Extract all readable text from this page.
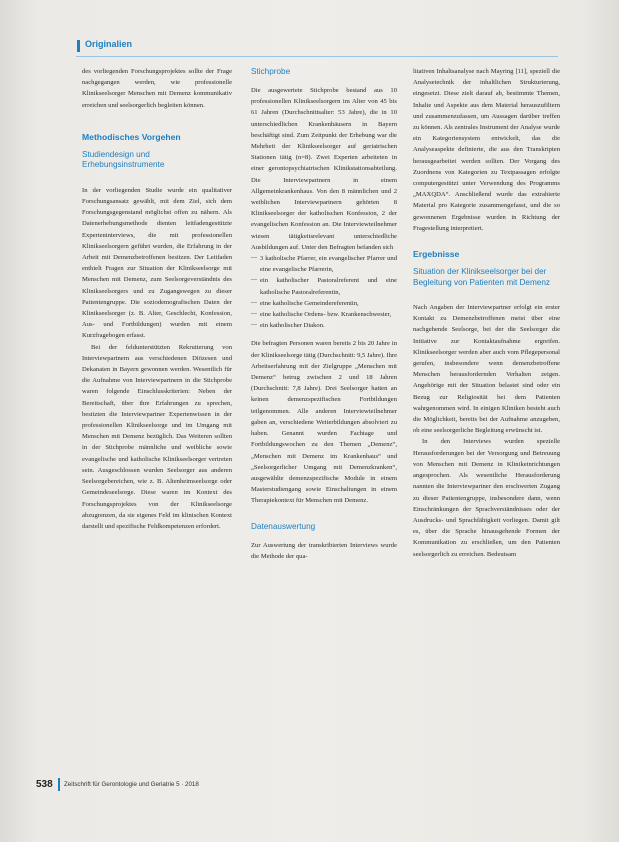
Originalien

des vorliegenden Forschungsprojektes sollte der Frage nachgegangen werden, wie professionelle Klinikseelsorger Menschen mit Demenz kommunikativ erreichen und seelsorgerlich begleiten können.

Methodisches Vorgehen

Studiendesign und Erhebungsinstrumente

In der vorliegenden Studie wurde ein qualitativer Forschungsansatz gewählt, mit dem Ziel, sich dem Forschungsgegenstand möglichst offen zu nähern. Als Datenerhebungsmethode dienten leitfadengestützte Experteninterviews, die mit professionellen Klinikseelsorgern geführt wurden, die Erfahrung in der Arbeit mit Demenzbetroffenen besitzen. Der Leitfaden enthielt Fragen zur Situation der Klinikseelsorge mit Menschen mit Demenz, zum Seelsorgeverständnis des Klinikseelsorgers und zu Zugangswegen zu dieser Patientengruppe. Die soziodemografischen Daten der Klinikseelsorger (z. B. Alter, Geschlecht, Konfession, Aus- und Fortbildungen) wurden mit einem Kurzfragebogen erfasst.

Bei der feldunterstützten Rekrutierung von Interviewpartnern aus verschiedenen Diözesen und Dekanaten in Bayern gewonnen werden. Wesentlich für die Aufnahme von Interviewpartnern in die Stichprobe waren folgende Einschlusskriterien: Neben der Bereitschaft, über ihre Erfahrungen zu sprechen, besitzten die Interviewpartner Expertenwissen in der professionellen Klinikseelsorge und im Umgang mit Menschen mit Demenz bezüglich. Das Weiteren sollten in der Stichprobe männliche und weibliche sowie evangelische und katholische Klinikseelsorger vertreten sein. Ausgeschlossen wurden Seelsorger aus anderen Seelsorgebereichen, wie z. B. Altenheimseelsorge oder Gemeindeseelsorge. Diese waren im Kontext des Forschungsprojektes von der Klinikseelsorge abzugrenzen, da sie eigenes Feld im klinischen Kontext darstellt und spezifische Feldkompetenzen erfordert.

Stichprobe

Die ausgewertete Stichprobe bestand aus 10 professionellen Klinikseelsorgern im Alter von 45 bis 61 Jahren (Durchschnittsalter: 53 Jahre), die in 10 unterschiedlichen Krankenhäusern in Bayern beschäftigt sind. Zum Zeitpunkt der Erhebung war die Mehrheit der Klinikseelsorger auf geriatrischen Stationen tätig (n=8). Zwei Experten arbeiteten in einer gerontopsychiatrischen Klinikstationsabteilung. Die Interviewpartnern in einem Allgemeinkrankenhaus. Von den 8 männlichen und 2 weiblichen Interviewpartnern gehörten 8 Klinikseelsorger der katholischen Konfession, 2 der evangelischen Konfession an. Die Interviewteilnehmer wiesen tätigkeitsrelevant unterschiedliche Ausbildungen auf. Unter den Befragten befanden sich

— 3 katholische Pfarrer, ein evangelischer Pfarrer und eine evangelische Pfarrerin,
— ein katholischer Pastoralreferent und eine katholische Pastoralreferentin,
— eine katholische Gemeindereferentin,
— eine katholische Ordens- bzw. Krankenschwester,
— ein katholischer Diakon.

Die befragten Personen waren bereits 2 bis 20 Jahre in der Klinikseelsorge tätig (Durchschnitt: 9,5 Jahre). Ihre Arbeitserfahrung mit der Zielgruppe „Menschen mit Demenz“ betrug zwischen 2 und 18 Jahren (Durchschnitt: 7,8 Jahre). Drei Seelsorger hatten an keinen demenzspezifischen Fortbildungen teilgenommen. Alle anderen Interviewteilnehmer gaben an, verschiedene Weiterbildungen absolviert zu haben. Genannt wurden Fachtage und Fortbildungswochen zu den Themen „Demenz“, „Menschen mit Demenz im Krankenhaus“ und „Seelsorgerlicher Umgang mit Demenzkranken“, ausgewählte demenzspezifische Module in einem Masterstudiengang sowie Einschaltungen in einem Therapiekontext für Menschen mit Demenz.

Datenauswertung

Zur Auswertung der transkribierten Interviews wurde die Methode der qua-

litativen Inhaltsanalyse nach Mayring [11], speziell die Analysetechnik der inhaltlichen Strukturierung, eingesetzt. Diese zielt darauf ab, bestimmte Themen, Inhalte und Aspekte aus dem Material herauszufiltern und zusammenzufassen, um Aussagen darüber treffen zu können. Als zentrales Instrument der Analyse wurde ein Kategoriensystem entwickelt, das die Analyseaspekte definierte, die aus den Transkripten herausgearbeitet werden sollten. Der Vorgang des Zuordnens von Kategorien zu Textpassagen erfolgte computergestützt unter Verwendung des Programms „MAXQDA“. Anschließend wurde das extrahierte Material pro Kategorie zusammengefasst, und die so gewonnenen Ergebnisse wurden in Richtung der Fragestellung interpretiert.

Ergebnisse

Situation der Klinikseelsorger bei der Begleitung von Patienten mit Demenz

Nach Angaben der Interviewpartner erfolgt ein erster Kontakt zu Demenzbetroffenen meist über eine nachgehende Seelsorge, bei der die Seelsorger die Initiative zur Kontaktaufnahme ergreifen. Klinikseelsorger werden aber auch vom Pflegepersonal gerufen, insbesondere wenn demenzbetroffene Menschen herausfordernden Verhalten zeigen. Angehörige mit der Situation belastet sind oder ein Bezug zur Religiosität bei dem Patienten wahrgenommen wird. In einigen Kliniken besteht auch die Möglichkeit, bereits bei der Aufnahme anzugeben, ob eine seelsorgerliche Begleitung erwünscht ist.

In den Interviews wurden spezielle Herausforderungen bei der Versorgung und Betreuung von Menschen mit Demenz in Klinikeinrichtungen angesprochen. Als wesentliche Herausforderung nannten die Interviewpartner den erschwerten Zugang zu dieser Patientengruppe, insbesondere dann, wenn Einschränkungen der Sprachverständnisses oder der Ausdrucks- und Sprachfähigkeit vorliegen. Damit gilt es, über die Sprache hinausgehende Formen der Kommunikation zu erschließen, um den Patienten seelsorgerlich zu erreichen. Bedeutsam

538 Zeitschrift für Gerontologie und Geriatrie 5 · 2018
